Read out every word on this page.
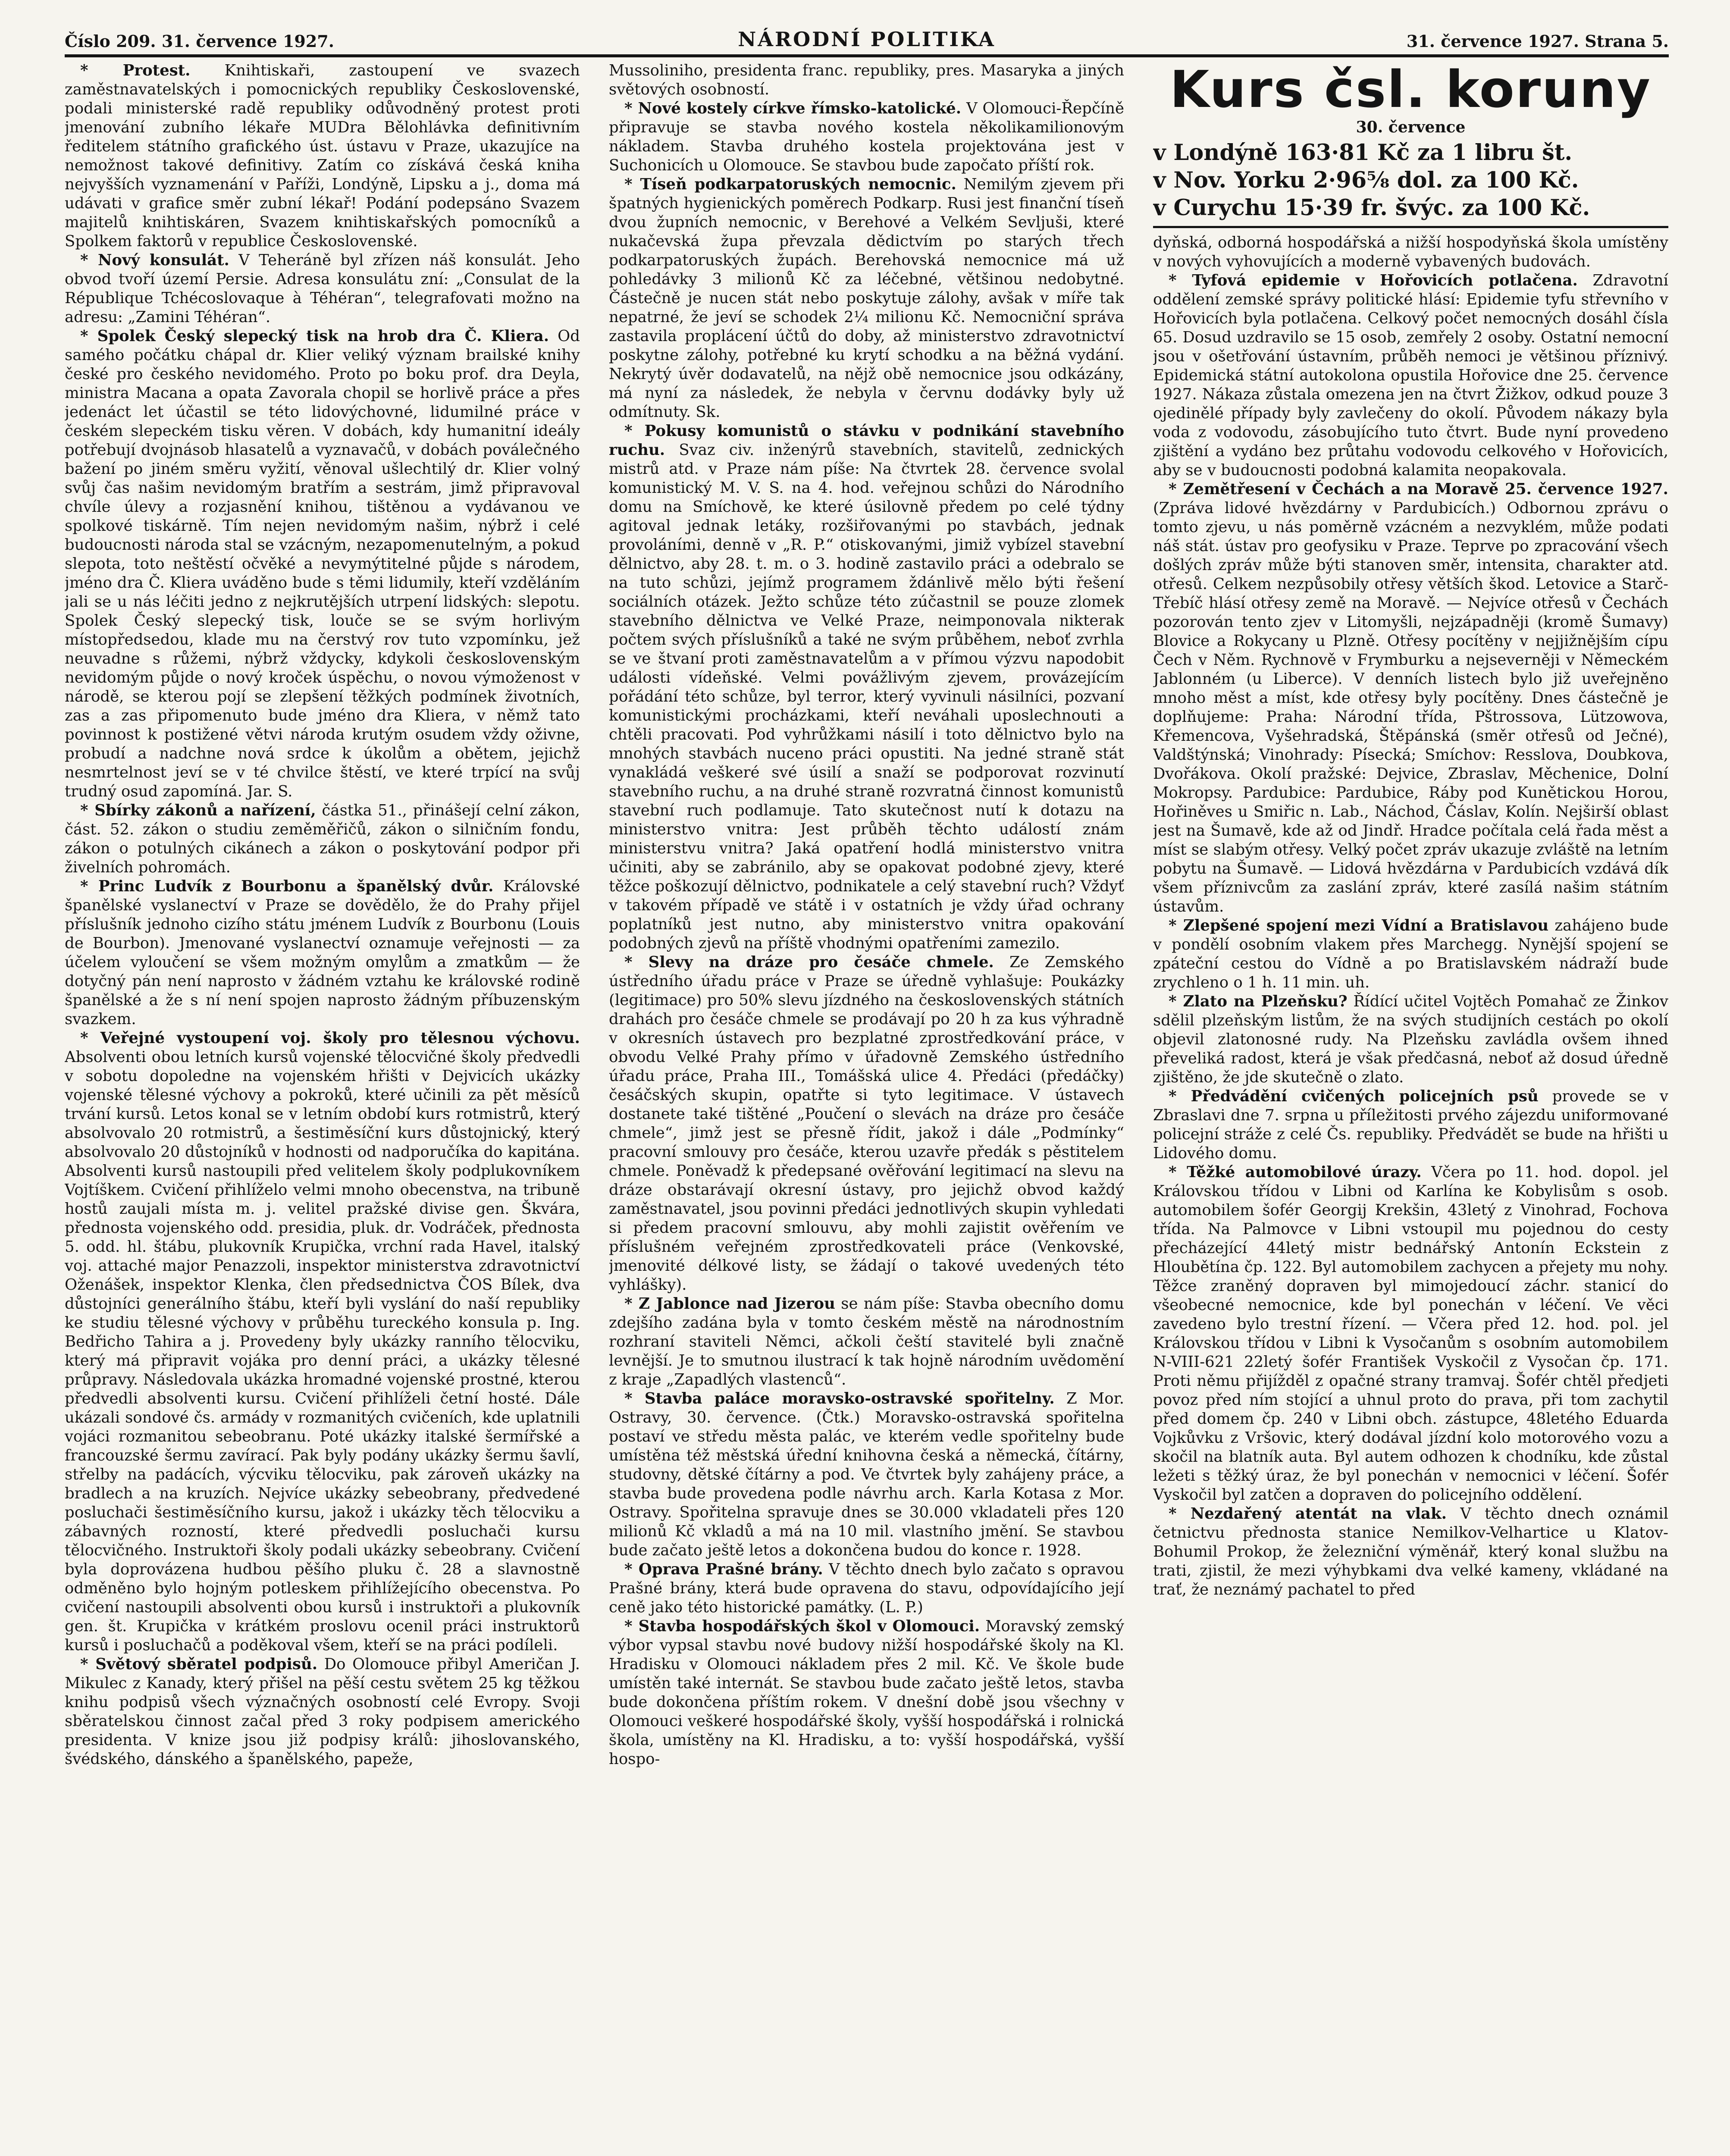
Číslo 209. 31. července 1927.	NÁRODNÍ POLITIKA	31. července 1927. Strana 5.

* Protest. Knihtiskaři, zastoupení ve svazech zaměstnavatelských i pomocnických republiky Československé, podali ministerské radě republiky odůvodněný protest proti jmenování zubního lékaře MUDra Bělohlávka definitivním ředitelem státního grafického úst. ústavu v Praze, ukazujíce na nemožnost takové definitivy. Zatím co získává česká kniha nejvyšších vyznamenání v Paříži, Londýně, Lipsku a j., doma má udávati v grafice směr zubní lékař! Podání podepsáno Svazem majitelů knihtiskáren, Svazem knihtiskařských pomocníků a Spolkem faktorů v republice Československé.

* Nový konsulát. V Teheráně byl zřízen náš konsulát. Jeho obvod tvoří území Persie. Adresa konsulátu zní: „Consulat de la République Tchécoslovaque à Téhéran“, telegrafovati možno na adresu: „Zamini Téhéran“.

* Spolek Český slepecký tisk na hrob dra Č. Kliera. Od samého počátku chápal dr. Klier veliký význam brailské knihy české pro českého nevidomého. Proto po boku prof. dra Deyla, ministra Macana a opata Zavorala chopil se horlivě práce a přes jedenáct let účastil se této lidovýchovné, lidumilné práce v českém slepeckém tisku věren. V dobách, kdy humanitní ideály potřebují dvojnásob hlasatelů a vyznavačů, v dobách poválečného bažení po jiném směru vyžití, věnoval ušlechtilý dr. Klier volný svůj čas našim nevidomým bratřím a sestrám, jimž připravoval chvíle úlevy a rozjasnění knihou, tištěnou a vydávanou ve spolkové tiskárně. Tím nejen nevidomým našim, nýbrž i celé budoucnosti národa stal se vzácným, nezapomenutelným, a pokud slepota, toto neštěstí očvěké a nevymýtitelné půjde s národem, jméno dra Č. Kliera uváděno bude s těmi lidumily, kteří vzděláním jali se u nás léčiti jedno z nejkrutějších utrpení lidských: slepotu. Spolek Český slepecký tisk, louče se se svým horlivým místopředsedou, klade mu na čerstvý rov tuto vzpomínku, jež neuvadne s růžemi, nýbrž vždycky, kdykoli československým nevidomým půjde o nový kroček úspěchu, o novou výmoženost v národě, se kterou pojí se zlepšení těžkých podmínek životních, zas a zas připomenuto bude jméno dra Kliera, v němž tato povinnost k postižené větvi národa krutým osudem vždy oživne, probudí a nadchne nová srdce k úkolům a obětem, jejichž nesmrtelnost jeví se v té chvilce štěstí, ve které trpící na svůj trudný osud zapomíná. Jar. S.

* Sbírky zákonů a nařízení, částka 51., přinášejí celní zákon, část. 52. zákon o studiu zeměměřičů, zákon o silničním fondu, zákon o potulných cikánech a zákon o poskytování podpor při živelních pohromách.

* Princ Ludvík z Bourbonu a španělský dvůr. Královské španělské vyslanectví v Praze se dovědělo, že do Prahy přijel příslušník jednoho cizího státu jménem Ludvík z Bourbonu (Louis de Bourbon). Jmenované vyslanectví oznamuje veřejnosti — za účelem vyloučení se všem možným omylům a zmatkům — že dotyčný pán není naprosto v žádném vztahu ke královské rodině španělské a že s ní není spojen naprosto žádným příbuzenským svazkem.

* Veřejné vystoupení voj. školy pro tělesnou výchovu. Absolventi obou letních kursů vojenské tělocvičné školy předvedli v sobotu dopoledne na vojenském hřišti v Dejvicích ukázky vojenské tělesné výchovy a pokroků, které učinili za pět měsíců trvání kursů. Letos konal se v letním období kurs rotmistrů, který absolvovalo 20 rotmistrů, a šestiměsíční kurs důstojnický, který absolvovalo 20 důstojníků v hodnosti od nadporučíka do kapitána. Absolventi kursů nastoupili před velitelem školy podplukovníkem Vojtíškem. Cvičení přihlíželo velmi mnoho obecenstva, na tribuně hostů zaujali místa m. j. velitel pražské divise gen. Škvára, přednosta vojenského odd. presidia, pluk. dr. Vodráček, přednosta 5. odd. hl. štábu, plukovník Krupička, vrchní rada Havel, italský voj. attaché major Penazzoli, inspektor ministerstva zdravotnictví Oženášek, inspektor Klenka, člen předsednictva ČOS Bílek, dva důstojníci generálního štábu, kteří byli vyslání do naší republiky ke studiu tělesné výchovy v průběhu tureckého konsula p. Ing. Bedřicho Tahira a j. Provedeny byly ukázky ranního tělocviku, který má připravit vojáka pro denní práci, a ukázky tělesné průpravy. Následovala ukázka hromadné vojenské prostné, kterou předvedli absolventi kursu. Cvičení přihlíželi četní hosté. Dále ukázali sondové čs. armády v rozmanitých cvičeních, kde uplatnili vojáci rozmanitou sebeobranu. Poté ukázky italské šermířské a francouzské šermu zavírací. Pak byly podány ukázky šermu šavlí, střelby na padácích, výcviku tělocviku, pak zároveň ukázky na bradlech a na kruzích. Nejvíce ukázky sebeobrany, předvedené posluchači šestiměsíčního kursu, jakož i ukázky těch tělocviku a zábavných rozností, které předvedli posluchači kursu tělocvičného. Instruktoři školy podali ukázky sebeobrany. Cvičení byla doprovázena hudbou pěšího pluku č. 28 a slavnostně odměněno bylo hojným potleskem přihlížejícího obecenstva. Po cvičení nastoupili absolventi obou kursů i instruktoři a plukovník gen. št. Krupička v krátkém proslovu ocenil práci instruktorů kursů i posluchačů a poděkoval všem, kteří se na práci podíleli.

* Světový sběratel podpisů. Do Olomouce přibyl Američan J. Mikulec z Kanady, který přišel na pěší cestu světem 25 kg těžkou knihu podpisů všech význačných osobností celé Evropy. Svoji sběratelskou činnost začal před 3 roky podpisem amerického presidenta. V knize jsou již podpisy králů: jihoslovanského, švédského, dánského a španělského, papeže,

Mussoliniho, presidenta franc. republiky, pres. Masaryka a jiných světových osobností.

* Nové kostely církve římsko-katolické. V Olomouci-Řepčíně připravuje se stavba nového kostela několikamilionovým nákladem. Stavba druhého kostela projektována jest v Suchonicích u Olomouce. Se stavbou bude započato příští rok.

* Tíseň podkarpatoruských nemocnic. Nemilým zjevem při špatných hygienických poměrech Podkarp. Rusi jest finanční tíseň dvou župních nemocnic, v Berehové a Velkém Sevljuši, které nukačevská župa převzala dědictvím po starých třech podkarpatoruských župách. Berehovská nemocnice má už pohledávky 3 milionů Kč za léčebné, většinou nedobytné. Částečně je nucen stát nebo poskytuje zálohy, avšak v míře tak nepatrné, že jeví se schodek 2¼ milionu Kč. Nemocniční správa zastavila proplácení účtů do doby, až ministerstvo zdravotnictví poskytne zálohy, potřebné ku krytí schodku a na běžná vydání. Nekrytý úvěr dodavatelů, na nějž obě nemocnice jsou odkázány, má nyní za následek, že nebyla v červnu dodávky byly už odmítnuty. Sk.

* Pokusy komunistů o stávku v podnikání stavebního ruchu. Svaz civ. inženýrů stavebních, stavitelů, zednických mistrů atd. v Praze nám píše: Na čtvrtek 28. července svolal komunistický M. V. S. na 4. hod. veřejnou schůzi do Národního domu na Smíchově, ke které úsilovně předem po celé týdny agitoval jednak letáky, rozšiřovanými po stavbách, jednak provoláními, denně v „R. P.“ otiskovanými, jimiž vybízel stavební dělnictvo, aby 28. t. m. o 3. hodině zastavilo práci a odebralo se na tuto schůzi, jejímž programem ždánlivě mělo býti řešení sociálních otázek. Ježto schůze této zúčastnil se pouze zlomek stavebního dělnictva ve Velké Praze, neimponovala nikterak počtem svých příslušníků a také ne svým průběhem, neboť zvrhla se ve štvaní proti zaměstnavatelům a v přímou výzvu napodobit události vídeňské. Velmi povážlivým zjevem, provázejícím pořádání této schůze, byl terror, který vyvinuli násilníci, pozvaní komunistickými procházkami, kteří neváhali uposlechnouti a chtěli pracovati. Pod vyhrůžkami násilí i toto dělnictvo bylo na mnohých stavbách nuceno práci opustiti. Na jedné straně stát vynakládá veškeré své úsilí a snaží se podporovat rozvinutí stavebního ruchu, a na druhé straně rozvratná činnost komunistů stavební ruch podlamuje. Tato skutečnost nutí k dotazu na ministerstvo vnitra: Jest průběh těchto událostí znám ministerstvu vnitra? Jaká opatření hodlá ministerstvo vnitra učiniti, aby se zabránilo, aby se opakovat podobné zjevy, které těžce poškozují dělnictvo, podnikatele a celý stavební ruch? Vždyť v takovém případě ve státě i v ostatních je vždy úřad ochrany poplatníků jest nutno, aby ministerstvo vnitra opakování podobných zjevů na příště vhodnými opatřeními zamezilo.

* Slevy na dráze pro česáče chmele. Ze Zemského ústředního úřadu práce v Praze se úředně vyhlašuje: Poukázky (legitimace) pro 50% slevu jízdného na československých státních drahách pro česáče chmele se prodávají po 20 h za kus výhradně v okresních ústavech pro bezplatné zprostředkování práce, v obvodu Velké Prahy přímo v úřadovně Zemského ústředního úřadu práce, Praha III., Tomášská ulice 4. Předáci (předáčky) česáčských skupin, opatřte si tyto legitimace. V ústavech dostanete také tištěné „Poučení o slevách na dráze pro česáče chmele“, jimž jest se přesně řídit, jakož i dále „Podmínky“ pracovní smlouvy pro česáče, kterou uzavře předák s pěstitelem chmele. Poněvadž k předepsané ověřování legitimací na slevu na dráze obstarávají okresní ústavy, pro jejichž obvod každý zaměstnavatel, jsou povinni předáci jednotlivých skupin vyhledati si předem pracovní smlouvu, aby mohli zajistit ověřením ve příslušném veřejném zprostředkovateli práce (Venkovské, jmenovité délkové listy, se žádají o takové uvedených této vyhlášky).

* Z Jablonce nad Jizerou se nám píše: Stavba obecního domu zdejšího zadána byla v tomto českém městě na národnostním rozhraní staviteli Němci, ačkoli čeští stavitelé byli značně levnější. Je to smutnou ilustrací k tak hojně národním uvědomění z kraje „Zapadlých vlastenců“.

* Stavba paláce moravsko-ostravské spořitelny. Z Mor. Ostravy, 30. července. (Čtk.) Moravsko-ostravská spořitelna postaví ve středu města palác, ve kterém vedle spořitelny bude umístěna též městská úřední knihovna česká a německá, čítárny, studovny, dětské čítárny a pod. Ve čtvrtek byly zahájeny práce, a stavba bude provedena podle návrhu arch. Karla Kotasa z Mor. Ostravy. Spořitelna spravuje dnes se 30.000 vkladateli přes 120 milionů Kč vkladů a má na 10 mil. vlastního jmění. Se stavbou bude začato ještě letos a dokončena budou do konce r. 1928.

* Oprava Prašné brány. V těchto dnech bylo začato s opravou Prašné brány, která bude opravena do stavu, odpovídajícího její ceně jako této historické památky. (L. P.)

* Stavba hospodářských škol v Olomouci. Moravský zemský výbor vypsal stavbu nové budovy nižší hospodářské školy na Kl. Hradisku v Olomouci nákladem přes 2 mil. Kč. Ve škole bude umístěn také internát. Se stavbou bude začato ještě letos, stavba bude dokončena příštím rokem. V dnešní době jsou všechny v Olomouci veškeré hospodářské školy, vyšší hospodářská i rolnická škola, umístěny na Kl. Hradisku, a to: vyšší hospodářská, vyšší hospo-

Kurs čsl. koruny
30. července
v Londýně 163·81 Kč za 1 libru št.
v Nov. Yorku 2·96⅝ dol. za 100 Kč.
v Curychu 15·39 fr. švýc. za 100 Kč.

dyňská, odborná hospodářská a nižší hospodyňská škola umístěny v nových vyhovujících a moderně vybavených budovách.

* Tyfová epidemie v Hořovicích potlačena. Zdravotní oddělení zemské správy politické hlásí: Epidemie tyfu střevního v Hořovicích byla potlačena. Celkový počet nemocných dosáhl čísla 65. Dosud uzdravilo se 15 osob, zemřely 2 osoby. Ostatní nemocní jsou v ošetřování ústavním, průběh nemoci je většinou příznivý. Epidemická státní autokolona opustila Hořovice dne 25. července 1927. Nákaza zůstala omezena jen na čtvrt Žižkov, odkud pouze 3 ojedinělé případy byly zavlečeny do okolí. Původem nákazy byla voda z vodovodu, zásobujícího tuto čtvrt. Bude nyní provedeno zjištění a vydáno bez průtahu vodovodu celkového v Hořovicích, aby se v budoucnosti podobná kalamita neopakovala.

* Zemětřesení v Čechách a na Moravě 25. července 1927. (Zpráva lidové hvězdárny v Pardubicích.) Odbornou zprávu o tomto zjevu, u nás poměrně vzácném a nezvyklém, může podati náš stát. ústav pro geofysiku v Praze. Teprve po zpracování všech došlých zpráv může býti stanoven směr, intensita, charakter atd. otřesů. Celkem nezpůsobily otřesy větších škod. Letovice a Starč-Třebíč hlásí otřesy země na Moravě. — Nejvíce otřesů v Čechách pozorován tento zjev v Litomyšli, nejzápadněji (kromě Šumavy) Blovice a Rokycany u Plzně. Otřesy pocítěny v nejjižnějším cípu Čech v Něm. Rychnově v Frymburku a nejseverněji v Německém Jablonném (u Liberce). V denních listech bylo již uveřejněno mnoho měst a míst, kde otřesy byly pocítěny. Dnes částečně je doplňujeme: Praha: Národní třída, Pštrossova, Lützowova, Křemencova, Vyšehradská, Štěpánská (směr otřesů od Ječné), Valdštýnská; Vinohrady: Písecká; Smíchov: Resslova, Doubkova, Dvořákova. Okolí pražské: Dejvice, Zbraslav, Měchenice, Dolní Mokropsy. Pardubice: Pardubice, Ráby pod Kunětickou Horou, Hořiněves u Smiřic n. Lab., Náchod, Čáslav, Kolín. Nejširší oblast jest na Šumavě, kde až od Jindř. Hradce počítala celá řada měst a míst se slabým otřesy. Velký počet zpráv ukazuje zvláště na letním pobytu na Šumavě. — Lidová hvězdárna v Pardubicích vzdává dík všem příznivcům za zaslání zpráv, které zasílá našim státním ústavům.

* Zlepšené spojení mezi Vídní a Bratislavou zahájeno bude v pondělí osobním vlakem přes Marchegg. Nynější spojení se zpáteční cestou do Vídně a po Bratislavském nádraží bude zrychleno o 1 h. 11 min. uh.

* Zlato na Plzeňsku? Řídící učitel Vojtěch Pomahač ze Žinkov sdělil plzeňským listům, že na svých studijních cestách po okolí objevil zlatonosné rudy. Na Plzeňsku zavládla ovšem ihned převeliká radost, která je však předčasná, neboť až dosud úředně zjištěno, že jde skutečně o zlato.

* Předvádění cvičených policejních psů provede se v Zbraslavi dne 7. srpna u příležitosti prvého zájezdu uniformované policejní stráže z celé Čs. republiky. Předvádět se bude na hřišti u Lidového domu.

* Těžké automobilové úrazy. Včera po 11. hod. dopol. jel Královskou třídou v Libni od Karlína ke Kobylisům s osob. automobilem šofér Georgij Krekšin, 43letý z Vinohrad, Fochova třída. Na Palmovce v Libni vstoupil mu pojednou do cesty přecházející 44letý mistr bednářský Antonín Eckstein z Hloubětína čp. 122. Byl automobilem zachycen a přejety mu nohy. Těžce zraněný dopraven byl mimojedoucí záchr. stanicí do všeobecné nemocnice, kde byl ponechán v léčení. Ve věci zavedeno bylo trestní řízení. — Včera před 12. hod. pol. jel Královskou třídou v Libni k Vysočanům s osobním automobilem N-VIII-621 22letý šofér František Vyskočil z Vysočan čp. 171. Proti němu přijížděl z opačné strany tramvaj. Šofér chtěl předjeti povoz před ním stojící a uhnul proto do prava, při tom zachytil před domem čp. 240 v Libni obch. zástupce, 48letého Eduarda Vojkůvku z Vršovic, který dodával jízdní kolo motorového vozu a skočil na blatník auta. Byl autem odhozen k chodníku, kde zůstal ležeti s těžký úraz, že byl ponechán v nemocnici v léčení. Šofér Vyskočil byl zatčen a dopraven do policejního oddělení.

* Nezdařený atentát na vlak. V těchto dnech oznámil četnictvu přednosta stanice Nemilkov-Velhartice u Klatov-Bohumil Prokop, že železniční výměnář, který konal službu na trati, zjistil, že mezi výhybkami dva velké kameny, vkládané na trať, že neznámý pachatel to před
